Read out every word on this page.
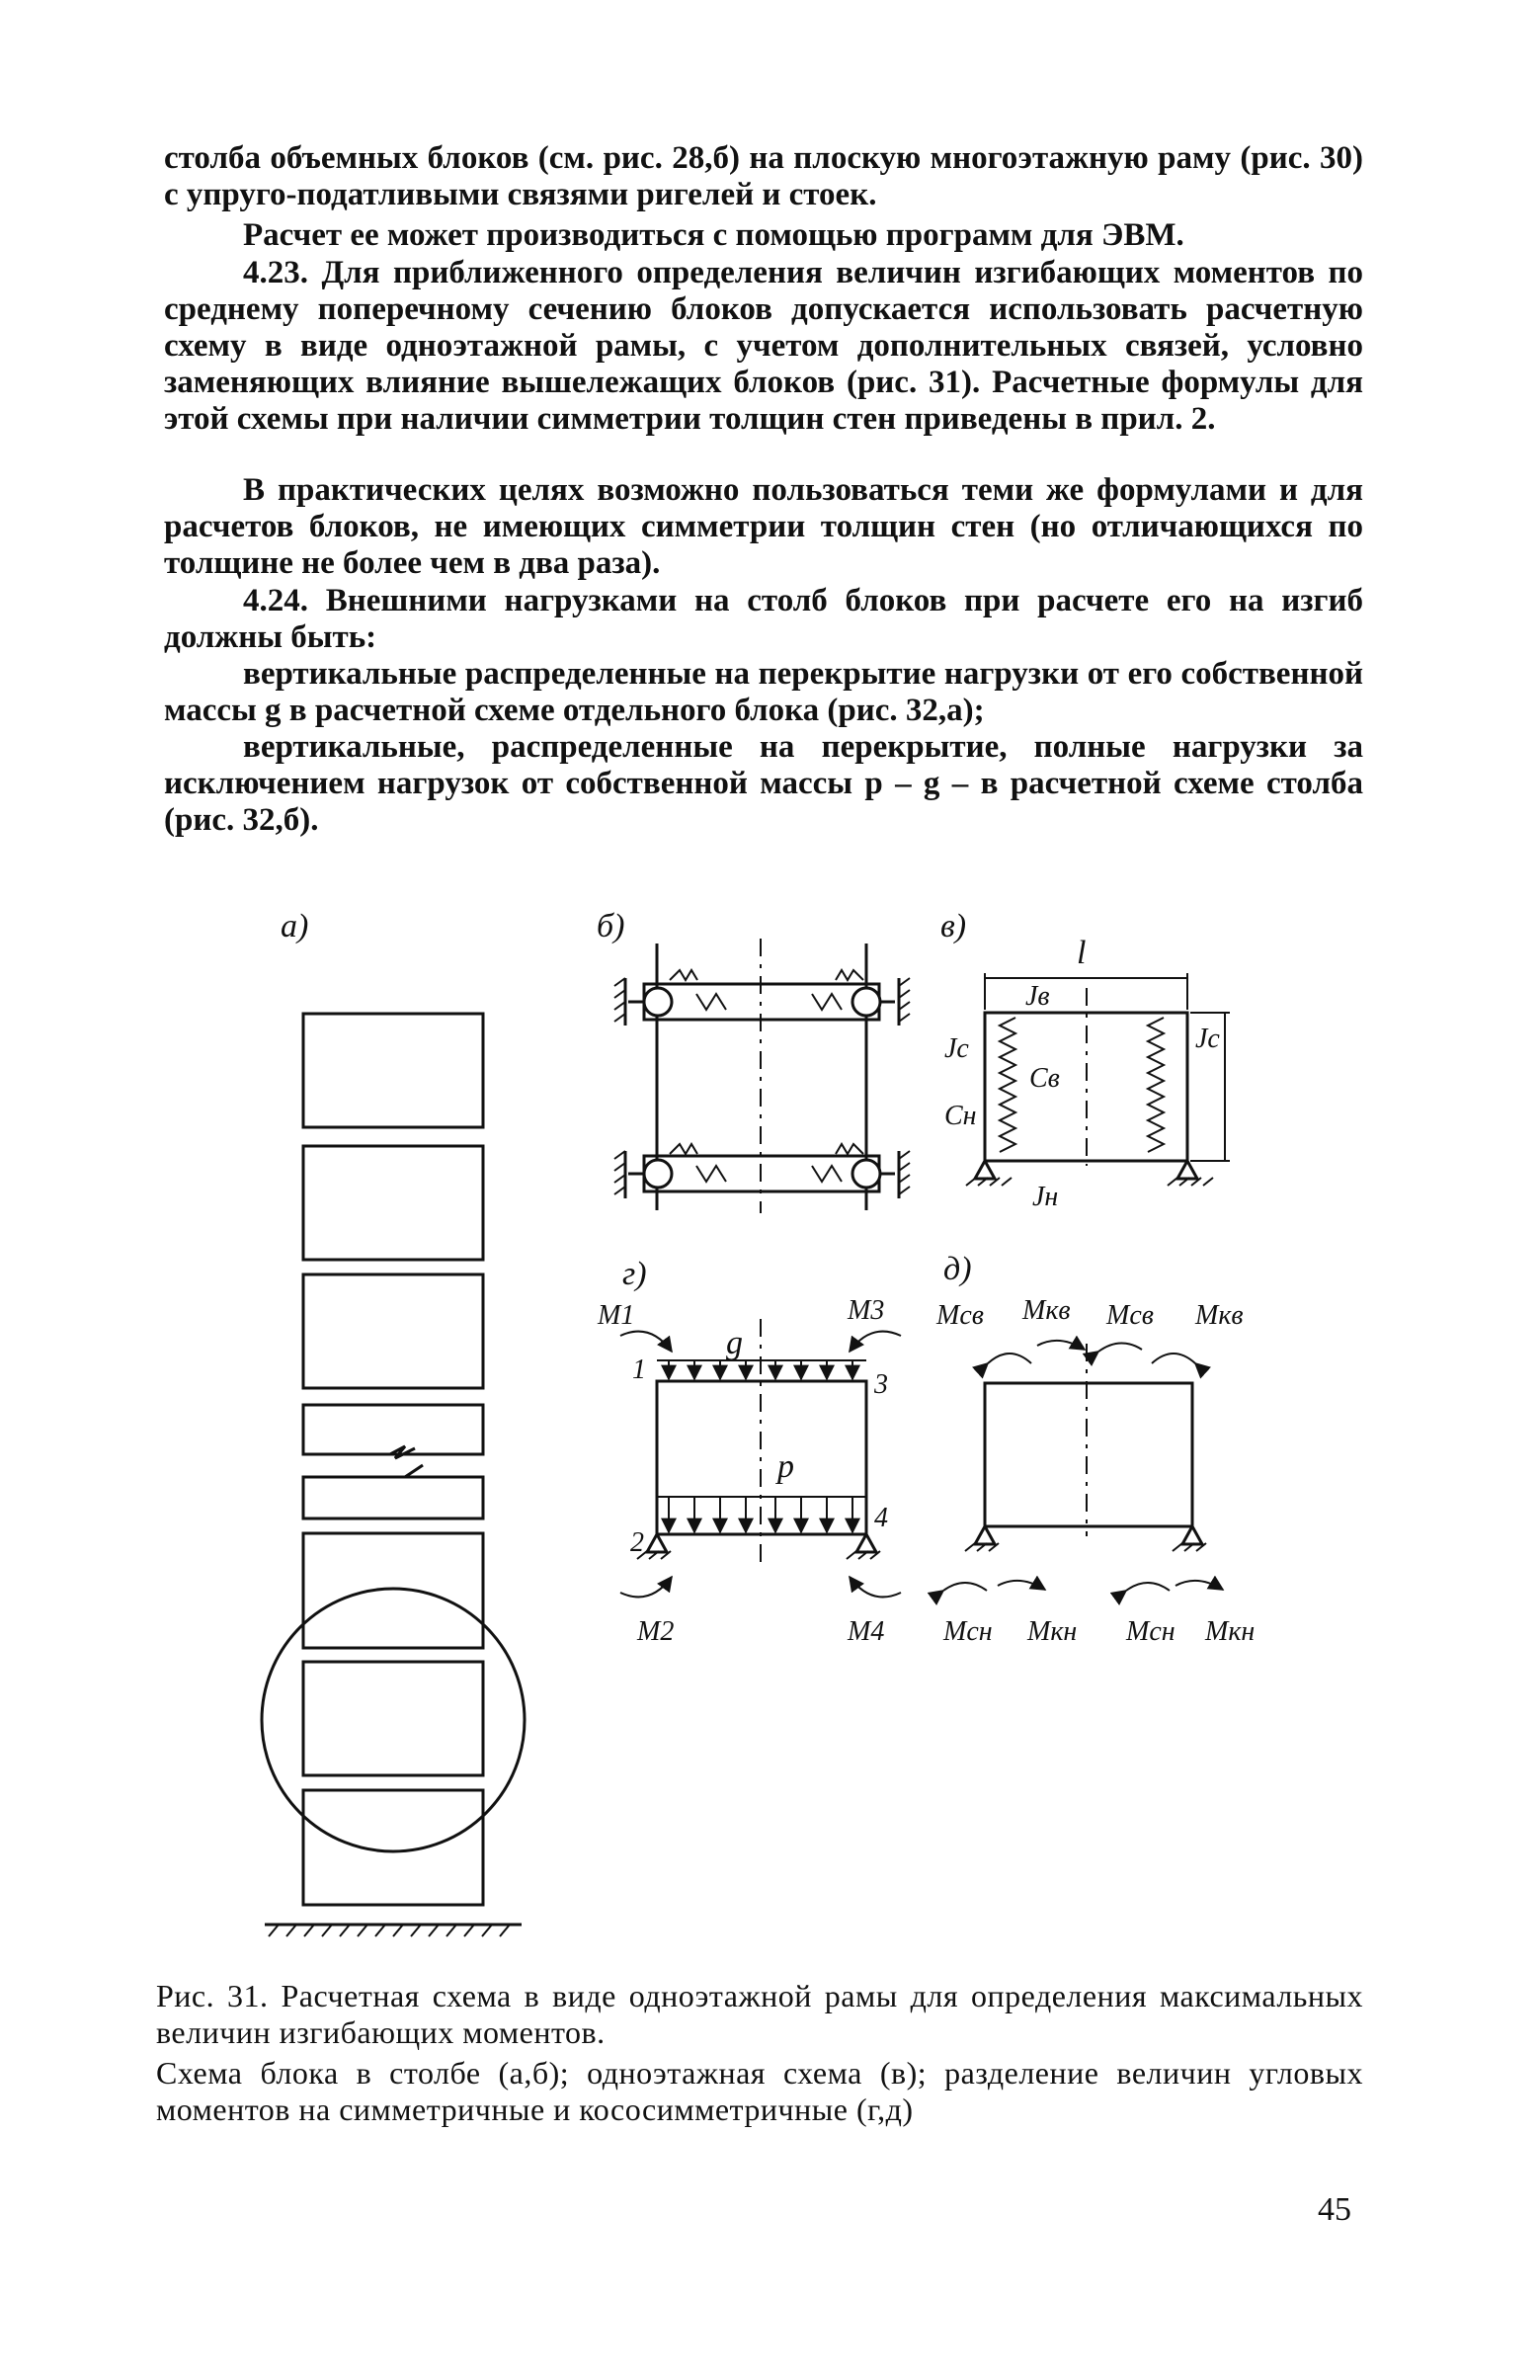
столба объемных блоков (см. рис. 28,б) на плоскую многоэтажную раму (рис. 30) с упруго-податливыми связями ригелей и стоек.
Расчет ее может производиться с помощью программ для ЭВМ.
4.23. Для приближенного определения величин изгибающих моментов по среднему поперечному сечению блоков допускается использовать расчетную схему в виде одноэтажной рамы, с учетом дополнительных связей, условно заменяющих влияние вышележащих блоков (рис. 31). Расчетные формулы для этой схемы при наличии симметрии толщин стен приведены в прил. 2.
В практических целях возможно пользоваться теми же формулами и для расчетов блоков, не имеющих симметрии толщин стен (но отличающихся по толщине не более чем в два раза).
4.24. Внешними нагрузками на столб блоков при расчете его на изгиб должны быть:
вертикальные распределенные на перекрытие нагрузки от его собственной массы g в расчетной схеме отдельного блока (рис. 32,а);
вертикальные, распределенные на перекрытие, полные нагрузки за исключением нагрузок от собственной массы p – g – в расчетной схеме столба (рис. 32,б).
а)	б)	в)
l
Jв
Jс	Jс
Cв
Cн
Jн
г)
M1	M3
M2	M4
g
p
1	3
2
4
д)
Mсв Mкв Mсв Mкв
Mсн Mкн Mсн Mкн
Рис. 31. Расчетная схема в виде одноэтажной рамы для определения максимальных величин изгибающих моментов.
Схема блока в столбе (а,б); одноэтажная схема (в); разделение величин угловых моментов на симметричные и кососимметричные (г,д)
45
